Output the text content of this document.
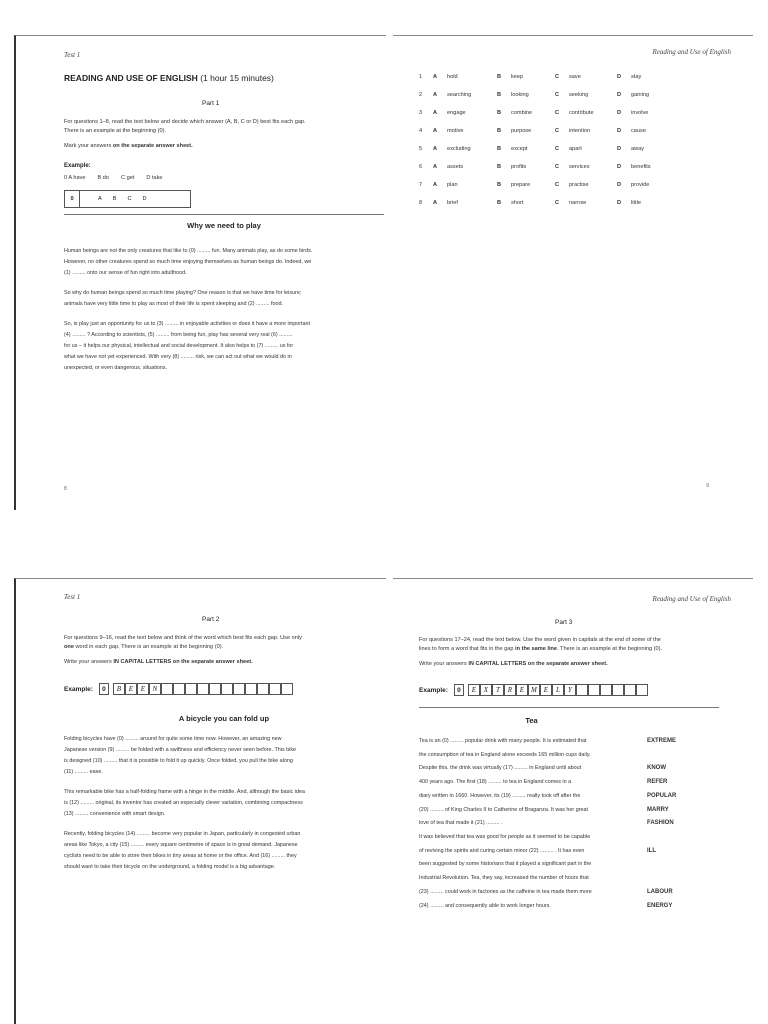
Test 1
READING AND USE OF ENGLISH (1 hour 15 minutes)
Part 1
For questions 1–8, read the text below and decide which answer (A, B, C or D) best fits each gap.
There is an example at the beginning (0).
Mark your answers on the separate answer sheet.
Example:
0 A have B do C get D take
0	A B C D
Why we need to play

Human beings are not the only creatures that like to (0) ......... fun. Many animals play, as do some birds.
However, no other creatures spend so much time enjoying themselves as human beings do. Indeed, we
(1) ......... onto our sense of fun right into adulthood.

So why do human beings spend so much time playing? One reason is that we have time for leisure;
animals have very little time to play as most of their life is spent sleeping and (2) ......... food.

So, is play just an opportunity for us to (3) ......... in enjoyable activities or does it have a more important
(4) ......... ? According to scientists, (5) ......... from being fun, play has several very real (6) .........
for us – it helps our physical, intellectual and social development. It also helps to (7) ......... us for
what we have not yet experienced. With very (8) ......... risk, we can act out what we would do in
unexpected, or even dangerous, situations.

8
Reading and Use of English
1 A hold	B keep	C save	D stay
2 A searching	B looking	C seeking	D gaining
3 A engage	B combine	C contribute	D involve
4 A motive	B purpose	C intention	D cause
5 A excluding	B except	C apart	D away
6 A assets	B profits	C services	D benefits
7 A plan	B prepare	C practise	D provide
8 A brief	B short	C narrow	D little
9
Test 1
Part 2
For questions 9–16, read the text below and think of the word which best fits each gap. Use only
one word in each gap. There is an example at the beginning (0).
Write your answers IN CAPITAL LETTERS on the separate answer sheet.
Example:	0	B	E	E	N
A bicycle you can fold up

Folding bicycles have (0) ......... around for quite some time now. However, an amazing new
Japanese version (9) ......... be folded with a swiftness and efficiency never seen before. This bike
is designed (10) ......... that it is possible to fold it up quickly. Once folded, you pull the bike along
(11) ......... ease.

This remarkable bike has a half-folding frame with a hinge in the middle. And, although the basic idea
is (12) ......... original, its inventor has created an especially clever variation, combining compactness
(13) ......... convenience with smart design.

Recently, folding bicycles (14) ......... become very popular in Japan, particularly in congested urban
areas like Tokyo, a city (15) ......... every square centimetre of space is in great demand. Japanese
cyclists need to be able to store their bikes in tiny areas at home or the office. And (16) ......... they
should want to take their bicycle on the underground, a folding model is a big advantage.

Reading and Use of English
Part 3
For questions 17–24, read the text below. Use the word given in capitals at the end of some of the
lines to form a word that fits in the gap in the same line. There is an example at the beginning (0).
Write your answers IN CAPITAL LETTERS on the separate answer sheet.
Example:	0	E	X	T	R	E M E	L	Y
Tea
Tea is an (0) ......... popular drink with many people. It is estimated that	EXTREME
the consumption of tea in England alone exceeds 165 million cups daily.
Despite this, the drink was virtually (17) ......... in England until about	KNOW
400 years ago. The first (18) ......... to tea in England comes in a	REFER
diary written in 1660. However, its (19) ......... really took off after the	POPULAR
(20) ......... of King Charles II to Catherine of Braganza. It was her great	MARRY
love of tea that made it (21) ......... .	FASHION
It was believed that tea was good for people as it seemed to be capable
of reviving the spirits and curing certain minor (22) ......... . It has even	ILL
been suggested by some historians that it played a significant part in the
Industrial Revolution. Tea, they say, increased the number of hours that
(23) ......... could work in factories as the caffeine in tea made them more	LABOUR
(24) ......... and consequently able to work longer hours.	ENERGY
